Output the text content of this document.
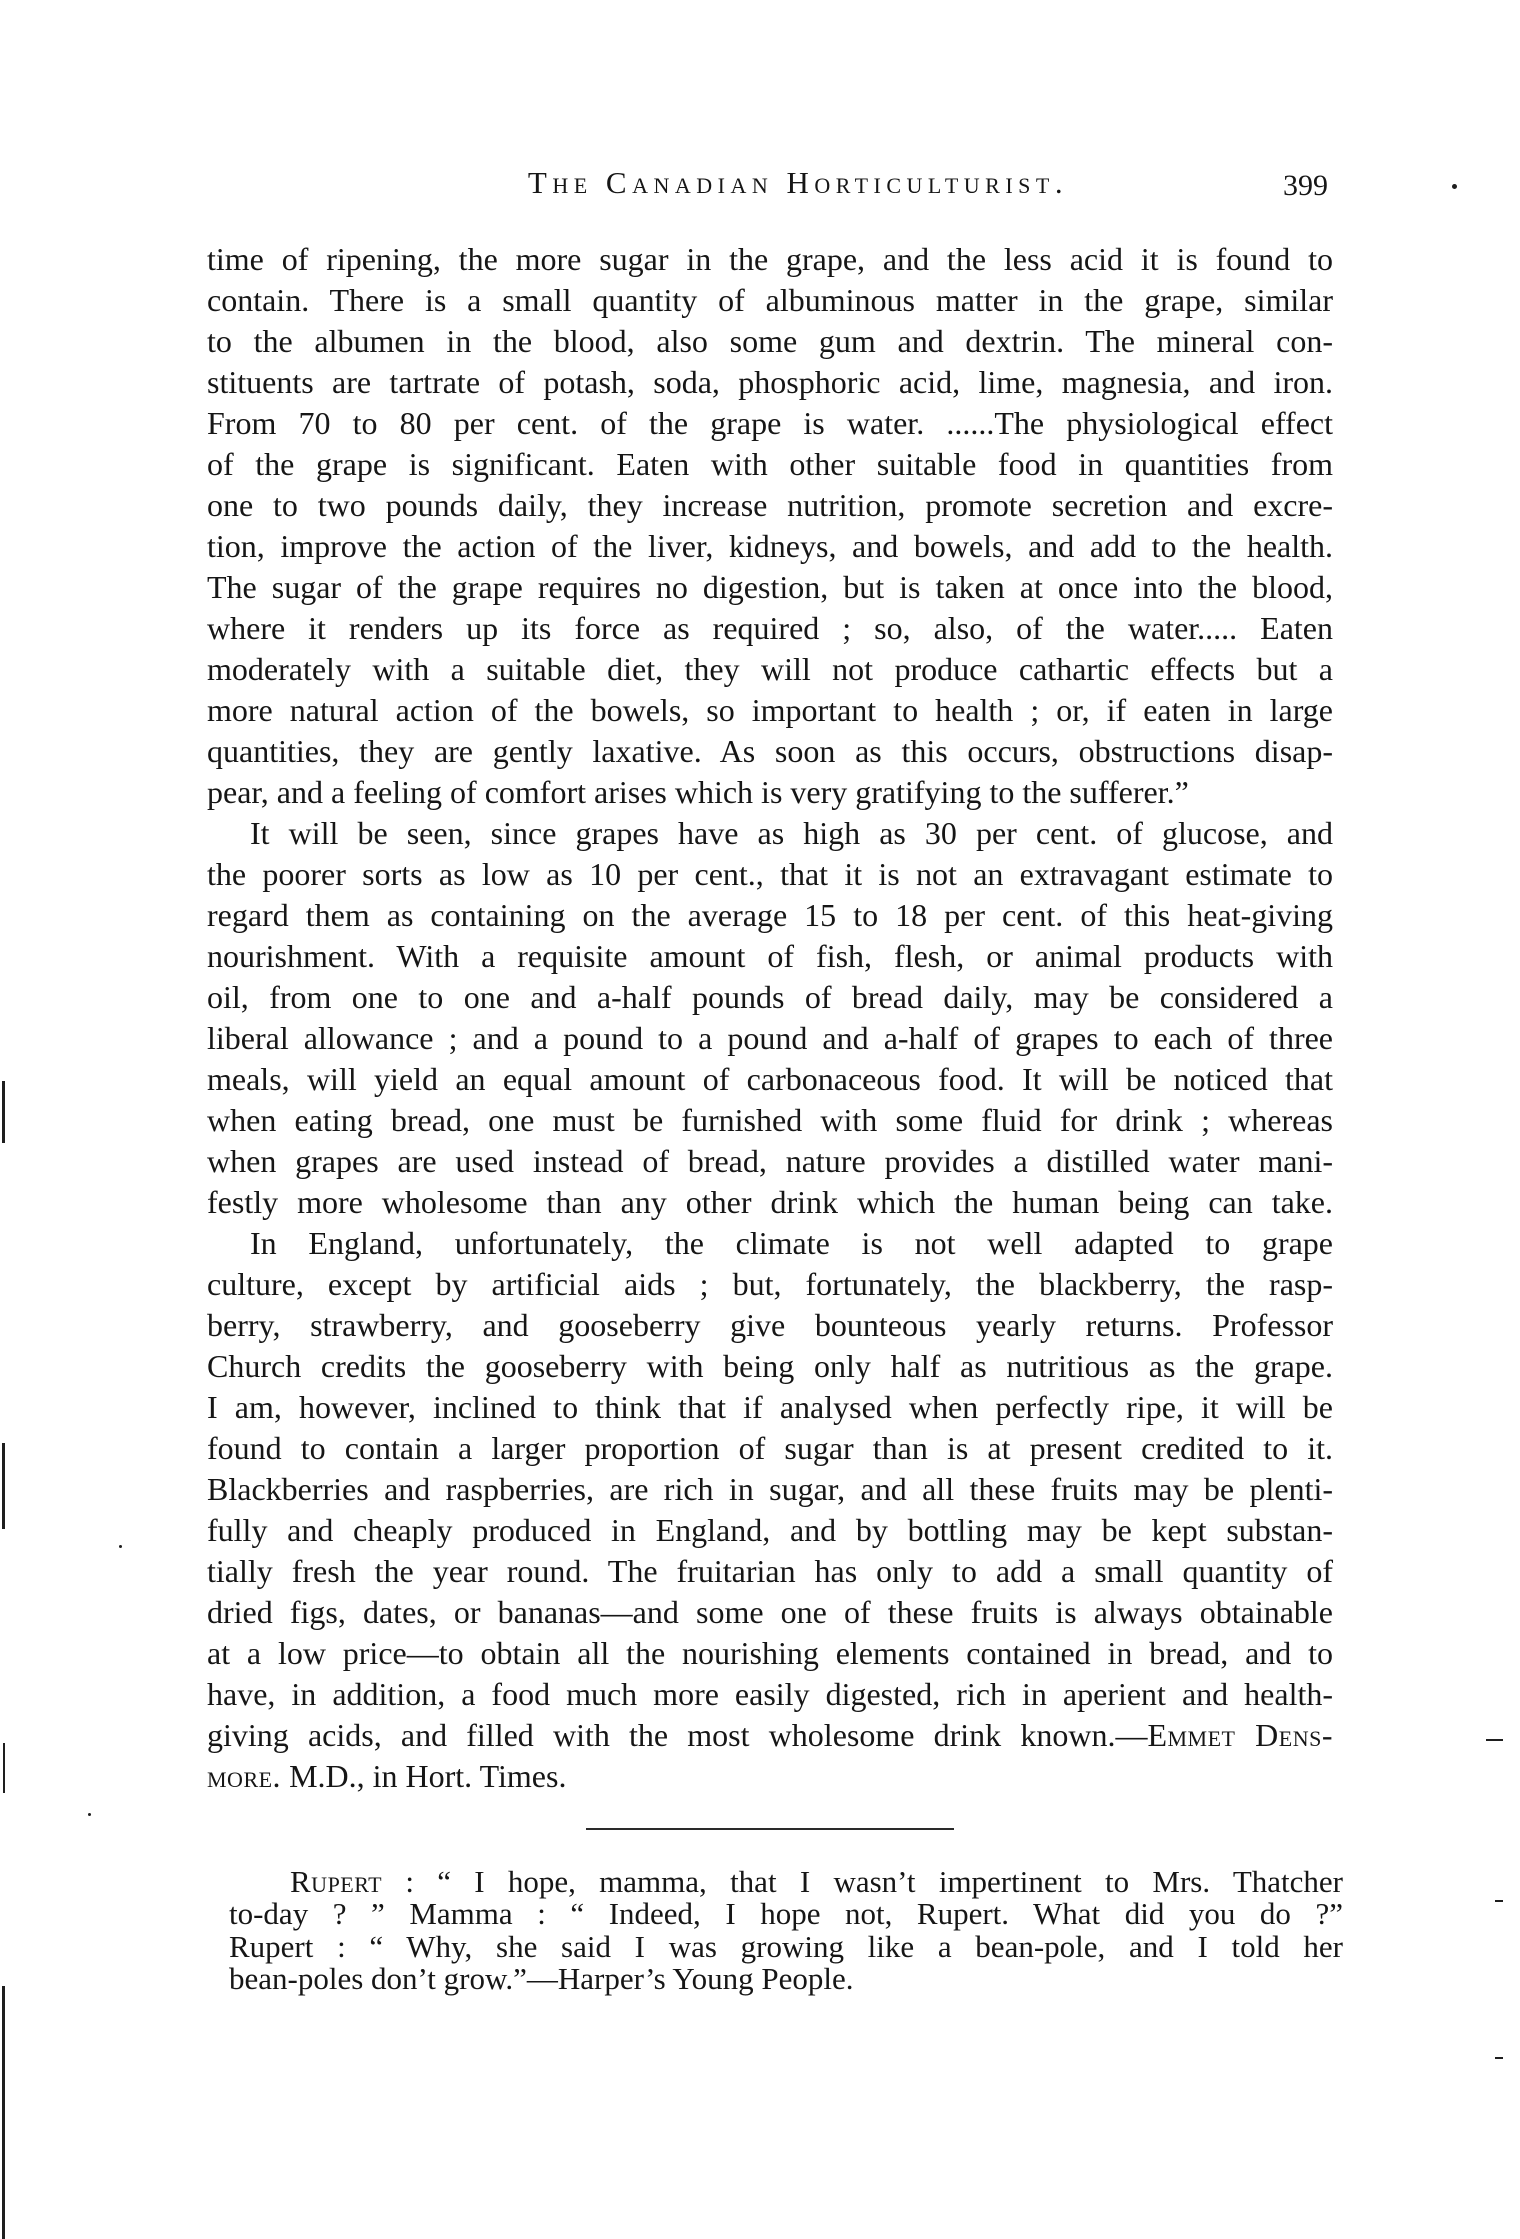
The Canadian Horticulturist.	399
time of ripening, the more sugar in the grape, and the less acid it is found to
contain. There is a small quantity of albuminous matter in the grape, similar
to the albumen in the blood, also some gum and dextrin. The mineral con-
stituents are tartrate of potash, soda, phosphoric acid, lime, magnesia, and iron.
From 70 to 80 per cent. of the grape is water. ......The physiological effect
of the grape is significant. Eaten with other suitable food in quantities from
one to two pounds daily, they increase nutrition, promote secretion and excre-
tion, improve the action of the liver, kidneys, and bowels, and add to the health.
The sugar of the grape requires no digestion, but is taken at once into the blood,
where it renders up its force as required ; so, also, of the water..... Eaten
moderately with a suitable diet, they will not produce cathartic effects but a
more natural action of the bowels, so important to health ; or, if eaten in large
quantities, they are gently laxative. As soon as this occurs, obstructions disap-
pear, and a feeling of comfort arises which is very gratifying to the sufferer.”
It will be seen, since grapes have as high as 30 per cent. of glucose, and
the poorer sorts as low as 10 per cent., that it is not an extravagant estimate to
regard them as containing on the average 15 to 18 per cent. of this heat-giving
nourishment. With a requisite amount of fish, flesh, or animal products with
oil, from one to one and a-half pounds of bread daily, may be considered a
liberal allowance ; and a pound to a pound and a-half of grapes to each of three
meals, will yield an equal amount of carbonaceous food. It will be noticed that
when eating bread, one must be furnished with some fluid for drink ; whereas
when grapes are used instead of bread, nature provides a distilled water mani-
festly more wholesome than any other drink which the human being can take.
In England, unfortunately, the climate is not well adapted to grape
culture, except by artificial aids ; but, fortunately, the blackberry, the rasp-
berry, strawberry, and gooseberry give bounteous yearly returns. Professor
Church credits the gooseberry with being only half as nutritious as the grape.
I am, however, inclined to think that if analysed when perfectly ripe, it will be
found to contain a larger proportion of sugar than is at present credited to it.
Blackberries and raspberries, are rich in sugar, and all these fruits may be plenti-
fully and cheaply produced in England, and by bottling may be kept substan-
tially fresh the year round. The fruitarian has only to add a small quantity of
dried figs, dates, or bananas—and some one of these fruits is always obtainable
at a low price—to obtain all the nourishing elements contained in bread, and to
have, in addition, a food much more easily digested, rich in aperient and health-
giving acids, and filled with the most wholesome drink known.—Emmet Dens-
more. M.D., in Hort. Times.
Rupert : “ I hope, mamma, that I wasn’t impertinent to Mrs. Thatcher
to-day ? ” Mamma : “ Indeed, I hope not, Rupert. What did you do ?”
Rupert : “ Why, she said I was growing like a bean-pole, and I told her
bean-poles don’t grow.”—Harper’s Young People.
